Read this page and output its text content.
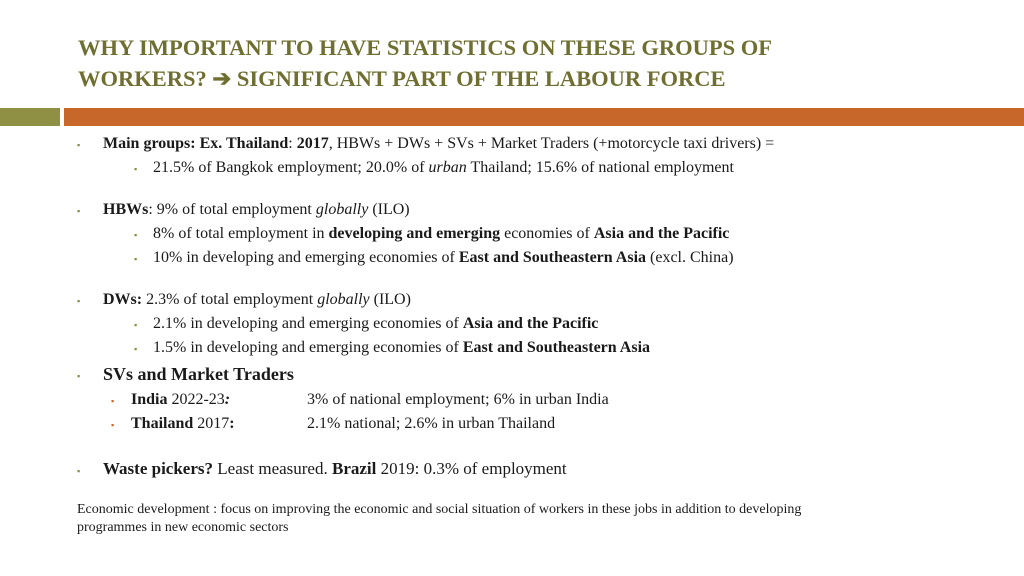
WHY IMPORTANT TO HAVE STATISTICS ON THESE GROUPS OF
WORKERS? ➔ SIGNIFICANT PART OF THE LABOUR FORCE
▪ Main groups: Ex. Thailand: 2017, HBWs + DWs + SVs + Market Traders (+motorcycle taxi drivers) =
▪ 21.5% of Bangkok employment; 20.0% of urban Thailand; 15.6% of national employment
▪ HBWs: 9% of total employment globally (ILO)
▪ 8% of total employment in developing and emerging economies of Asia and the Pacific
▪ 10% in developing and emerging economies of East and Southeastern Asia (excl. China)
▪ DWs: 2.3% of total employment globally (ILO)
▪ 2.1% in developing and emerging economies of Asia and the Pacific
▪ 1.5% in developing and emerging economies of East and Southeastern Asia
▪ SVs and Market Traders
▪ India 2022-23:	3% of national employment; 6% in urban India
▪ Thailand 2017:	2.1% national; 2.6% in urban Thailand
▪ Waste pickers? Least measured. Brazil 2019: 0.3% of employment
Economic development : focus on improving the economic and social situation of workers in these jobs in addition to developing
programmes in new economic sectors
